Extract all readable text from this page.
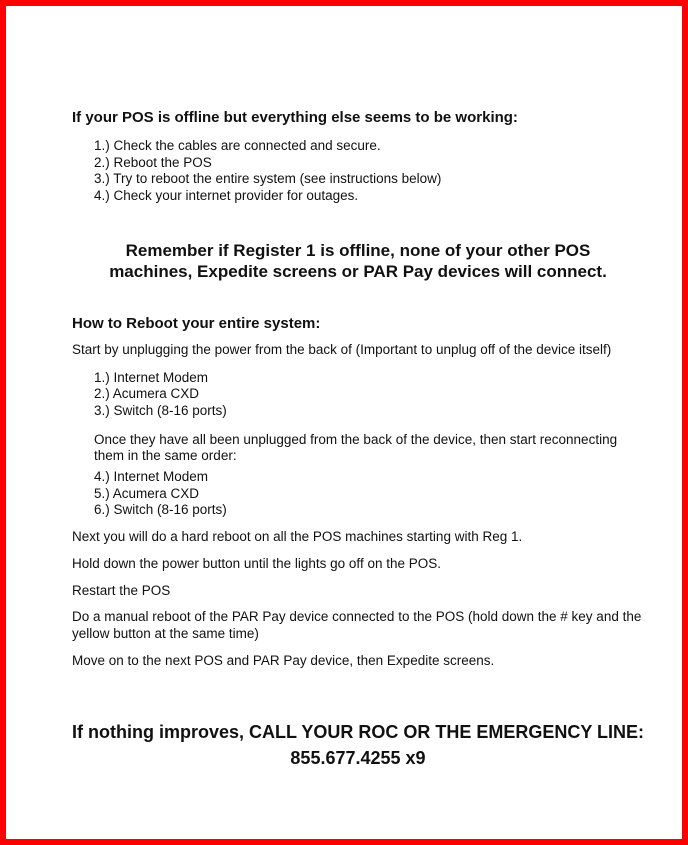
If your POS is offline but everything else seems to be working:
1.) Check the cables are connected and secure.
2.) Reboot the POS
3.) Try to reboot the entire system (see instructions below)
4.) Check your internet provider for outages.
Remember if Register 1 is offline, none of your other POS
machines, Expedite screens or PAR Pay devices will connect.
How to Reboot your entire system:
Start by unplugging the power from the back of (Important to unplug off of the device itself)
1.) Internet Modem
2.) Acumera CXD
3.) Switch (8-16 ports)
Once they have all been unplugged from the back of the device, then start reconnecting them in the same order:
4.) Internet Modem
5.) Acumera CXD
6.) Switch (8-16 ports)
Next you will do a hard reboot on all the POS machines starting with Reg 1.
Hold down the power button until the lights go off on the POS.
Restart the POS
Do a manual reboot of the PAR Pay device connected to the POS (hold down the # key and the yellow button at the same time)
Move on to the next POS and PAR Pay device, then Expedite screens.
If nothing improves, CALL YOUR ROC OR THE EMERGENCY LINE:
855.677.4255 x9
